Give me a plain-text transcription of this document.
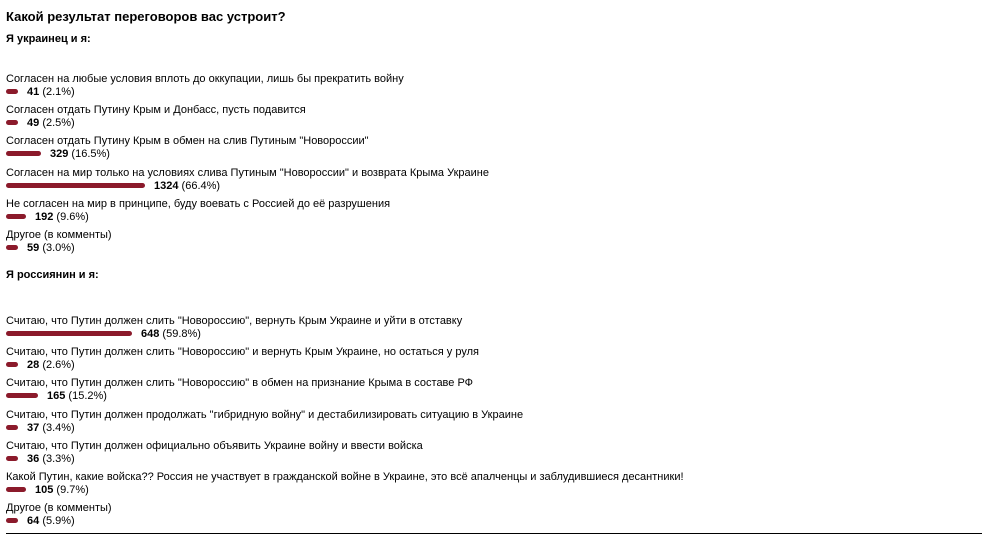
Какой результат переговоров вас устроит?
Я украинец и я:
Согласен на любые условия вплоть до оккупации, лишь бы прекратить войну
41 (2.1%)
Согласен отдать Путину Крым и Донбасс, пусть подавится
49 (2.5%)
Согласен отдать Путину Крым в обмен на слив Путиным "Новороссии"
329 (16.5%)
Согласен на мир только на условиях слива Путиным "Новороссии" и возврата Крыма Украине
1324 (66.4%)
Не согласен на мир в принципе, буду воевать с Россией до её разрушения
192 (9.6%)
Другое (в комменты)
59 (3.0%)
Я россиянин и я:
Считаю, что Путин должен слить "Новороссию", вернуть Крым Украине и уйти в отставку
648 (59.8%)
Считаю, что Путин должен слить "Новороссию" и вернуть Крым Украине, но остаться у руля
28 (2.6%)
Считаю, что Путин должен слить "Новороссию" в обмен на признание Крыма в составе РФ
165 (15.2%)
Считаю, что Путин должен продолжать "гибридную войну" и дестабилизировать ситуацию в Украине
37 (3.4%)
Считаю, что Путин должен официально объявить Украине войну и ввести войска
36 (3.3%)
Какой Путин, какие войска?? Россия не участвует в гражданской войне в Украине, это всё апалченцы и заблудившиеся десантники!
105 (9.7%)
Другое (в комменты)
64 (5.9%)
